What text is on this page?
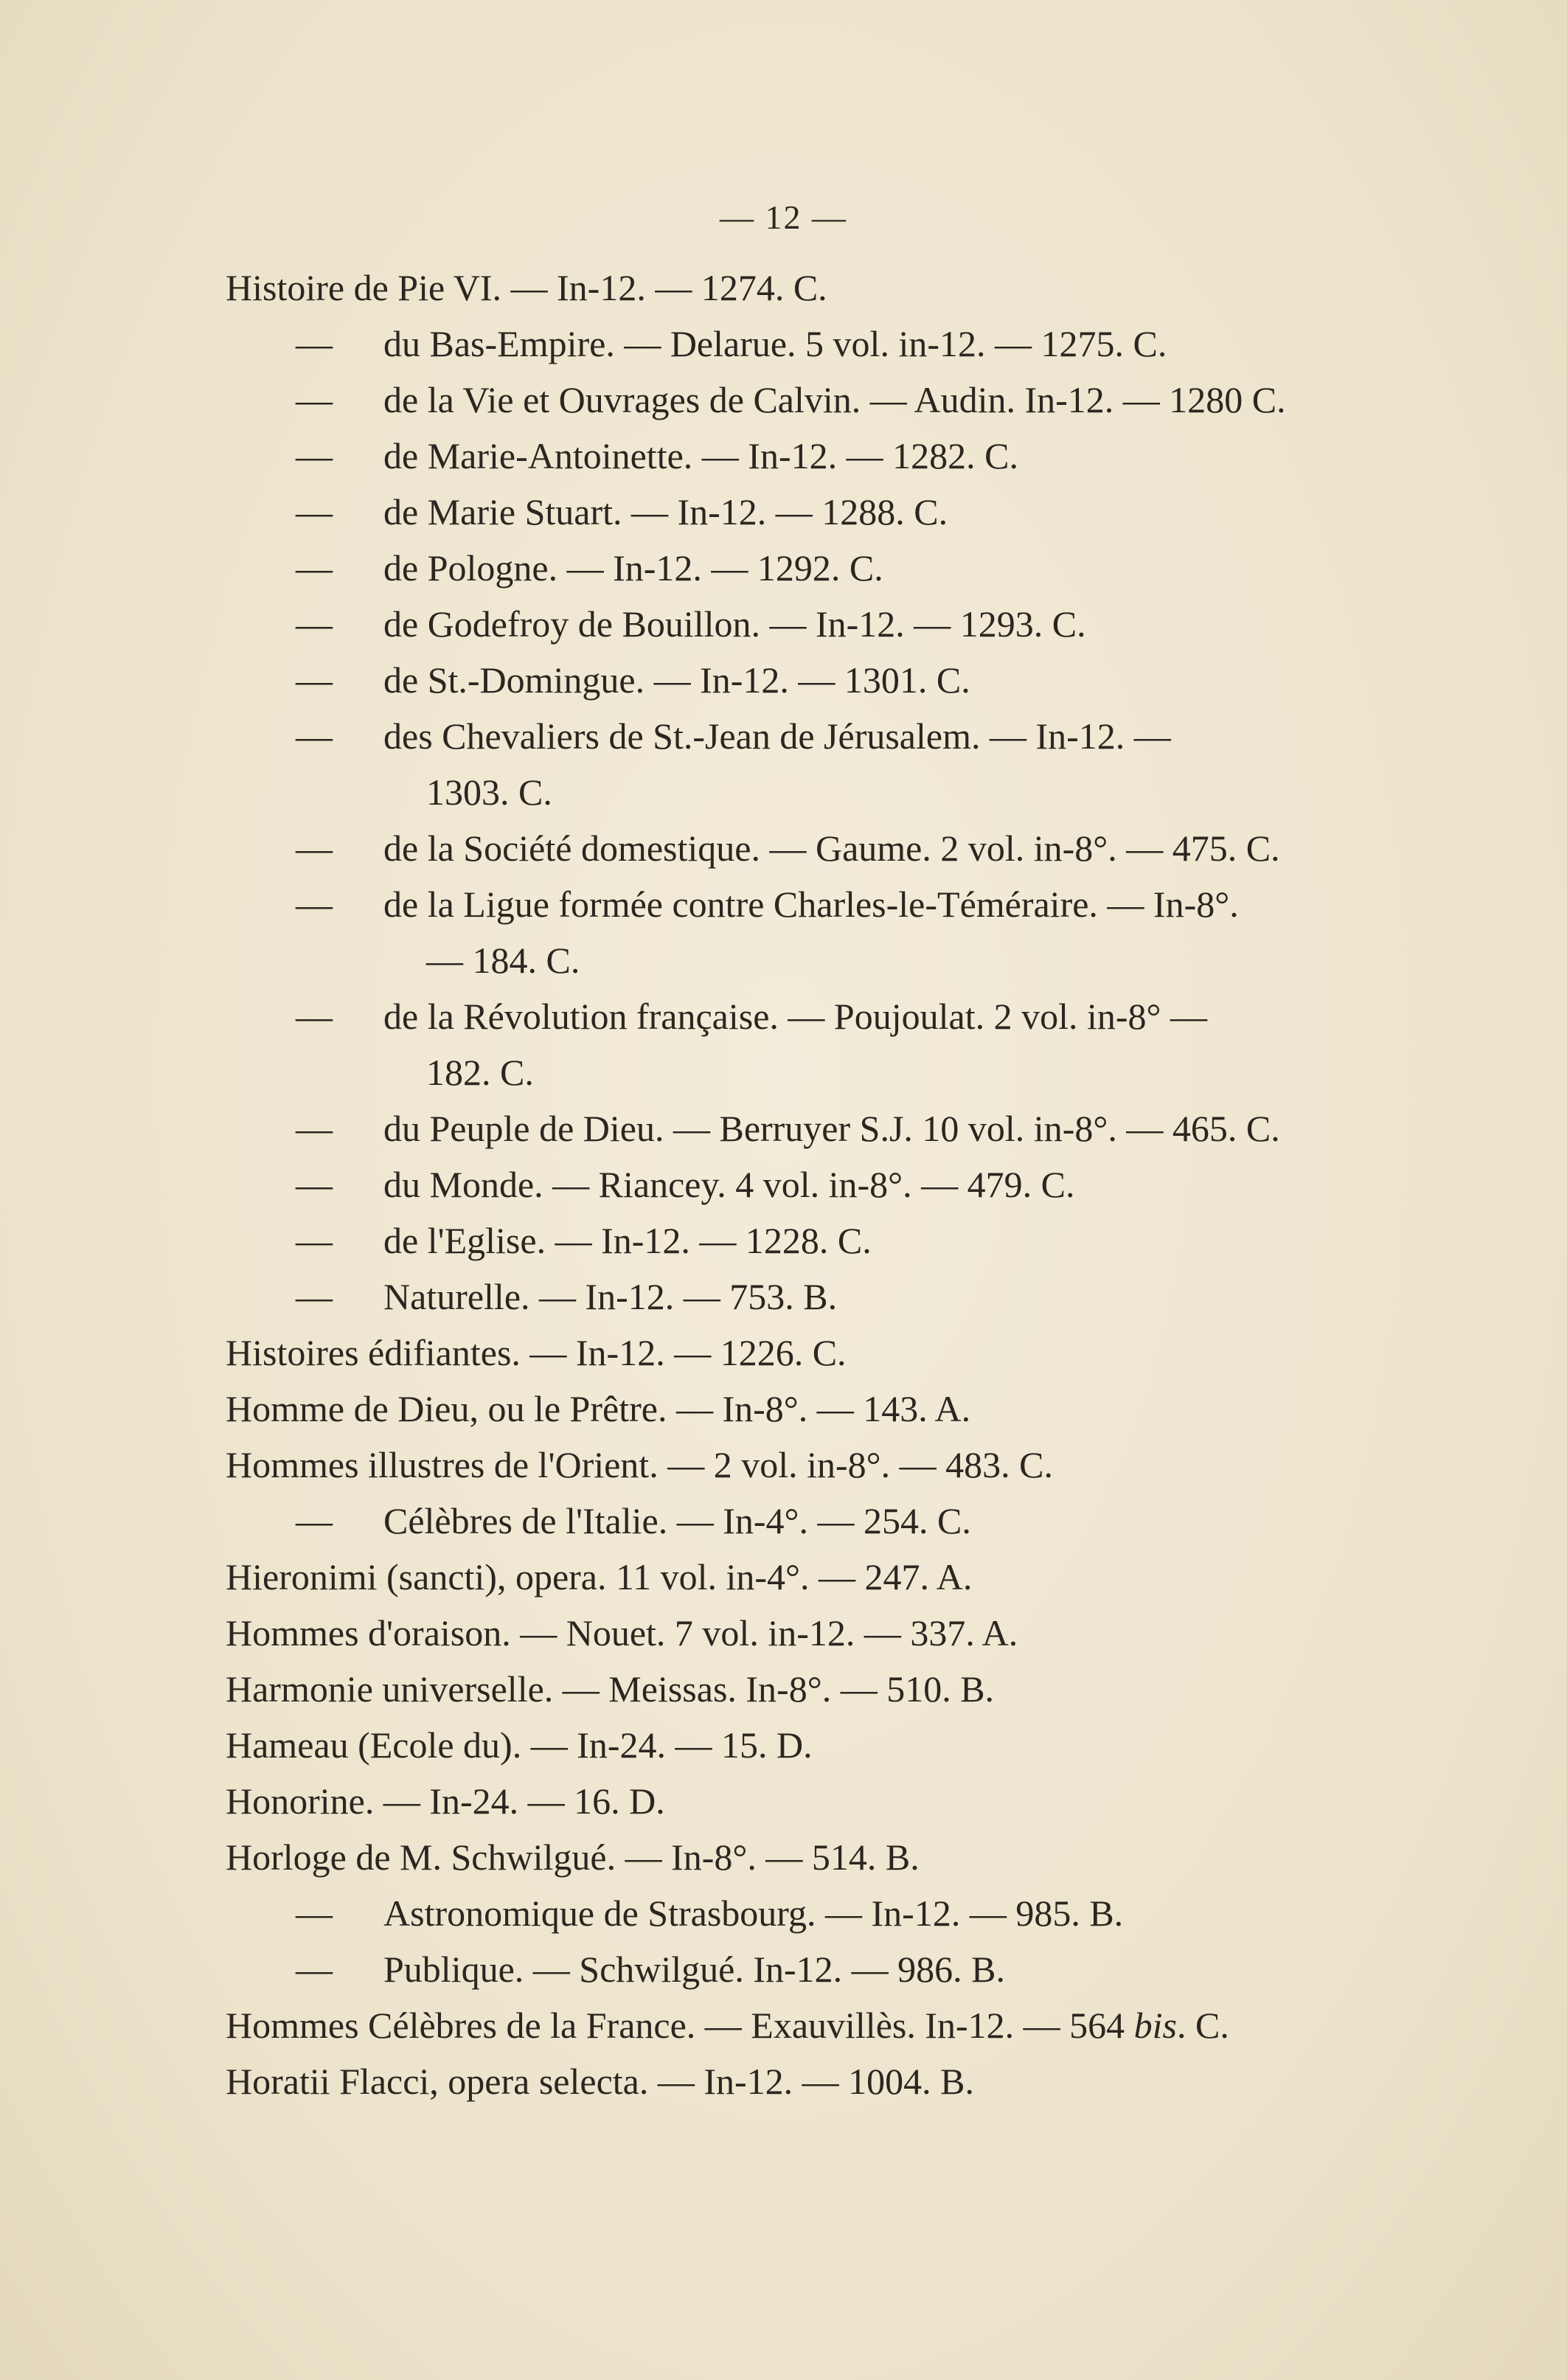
— 12 —
Histoire de Pie VI. — In-12. — 1274. C.
— du Bas-Empire. — Delarue. 5 vol. in-12. — 1275. C.
— de la Vie et Ouvrages de Calvin. — Audin. In-12. — 1280 C.
— de Marie-Antoinette. — In-12. — 1282. C.
— de Marie Stuart. — In-12. — 1288. C.
— de Pologne. — In-12. — 1292. C.
— de Godefroy de Bouillon. — In-12. — 1293. C.
— de St.-Domingue. — In-12. — 1301. C.
— des Chevaliers de St.-Jean de Jérusalem. — In-12. —
1303. C.
— de la Société domestique. — Gaume. 2 vol. in-8°. — 475. C.
— de la Ligue formée contre Charles-le-Téméraire. — In-8°.
— 184. C.
— de la Révolution française. — Poujoulat. 2 vol. in-8° —
182. C.
— du Peuple de Dieu. — Berruyer S.J. 10 vol. in-8°. — 465. C.
— du Monde. — Riancey. 4 vol. in-8°. — 479. C.
— de l'Eglise. — In-12. — 1228. C.
— Naturelle. — In-12. — 753. B.
Histoires édifiantes. — In-12. — 1226. C.
Homme de Dieu, ou le Prêtre. — In-8°. — 143. A.
Hommes illustres de l'Orient. — 2 vol. in-8°. — 483. C.
— Célèbres de l'Italie. — In-4°. — 254. C.
Hieronimi (sancti), opera. 11 vol. in-4°. — 247. A.
Hommes d'oraison. — Nouet. 7 vol. in-12. — 337. A.
Harmonie universelle. — Meissas. In-8°. — 510. B.
Hameau (Ecole du). — In-24. — 15. D.
Honorine. — In-24. — 16. D.
Horloge de M. Schwilgué. — In-8°. — 514. B.
— Astronomique de Strasbourg. — In-12. — 985. B.
— Publique. — Schwilgué. In-12. — 986. B.
Hommes Célèbres de la France. — Exauvillès. In-12. — 564 bis. C.
Horatii Flacci, opera selecta. — In-12. — 1004. B.
